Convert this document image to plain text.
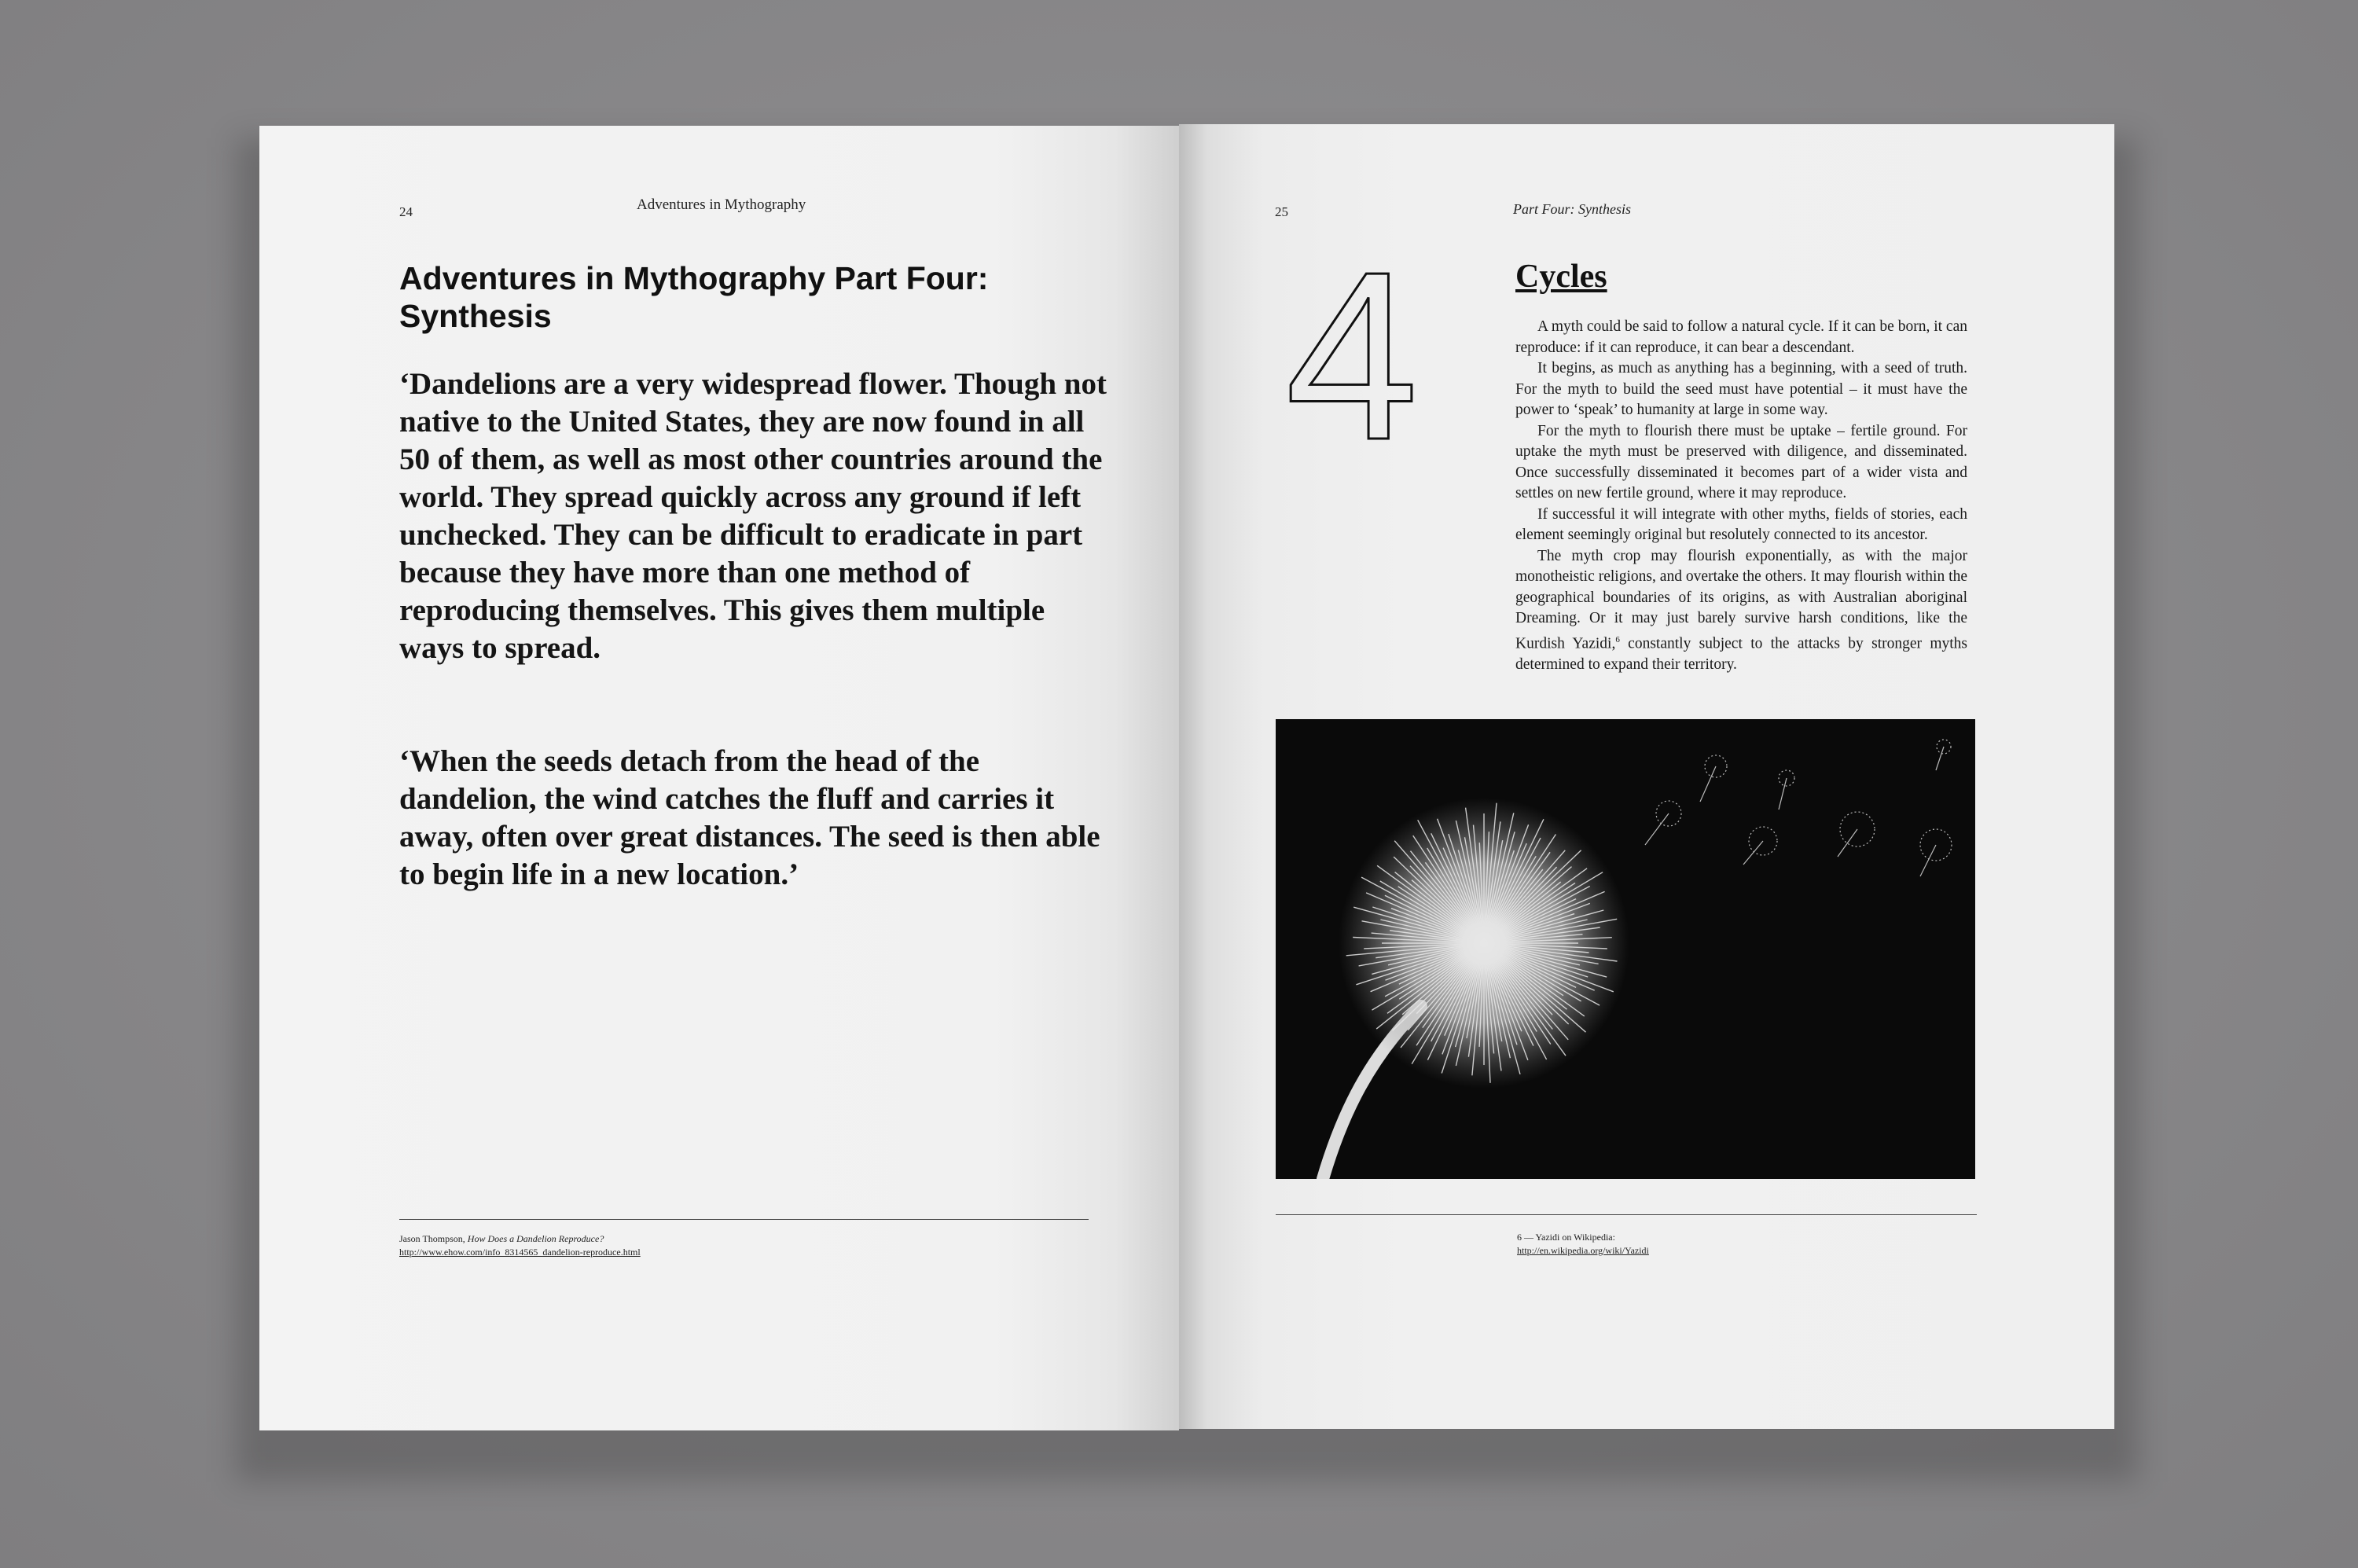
24	Adventures in Mythography
Adventures in Mythography Part Four: Synthesis

‘Dandelions are a very widespread flower. Though not native to the United States, they are now found in all 50 of them, as well as most other countries around the world. They spread quickly across any ground if left unchecked. They can be difficult to eradicate in part because they have more than one method of reproducing themselves. This gives them multiple ways to spread.

‘When the seeds detach from the head of the dandelion, the wind catches the fluff and carries it away, often over great distances. The seed is then able to begin life in a new location.’

Jason Thompson, How Does a Dandelion Reproduce?
http://www.ehow.com/info_8314565_dandelion-reproduce.html
25	Part Four: Synthesis
4	Cycles

A myth could be said to follow a natural cycle. If it can be born, it can reproduce: if it can reproduce, it can bear a descendant.

It begins, as much as anything has a beginning, with a seed of truth. For the myth to build the seed must have potential – it must have the power to ‘speak’ to humanity at large in some way.

For the myth to flourish there must be uptake – fertile ground. For uptake the myth must be preserved with diligence, and disseminated. Once successfully disseminated it becomes part of a wider vista and settles on new fertile ground, where it may reproduce.

If successful it will integrate with other myths, fields of stories, each element seemingly original but resolutely connected to its ancestor.

The myth crop may flourish exponentially, as with the major monotheistic religions, and overtake the others. It may flourish within the geographical boundaries of its origins, as with Australian aboriginal Dreaming. Or it may just barely survive harsh conditions, like the Kurdish Yazidi,$^6$ constantly subject to the attacks by stronger myths determined to expand their territory.

6 — Yazidi on Wikipedia:
http://en.wikipedia.org/wiki/Yazidi
